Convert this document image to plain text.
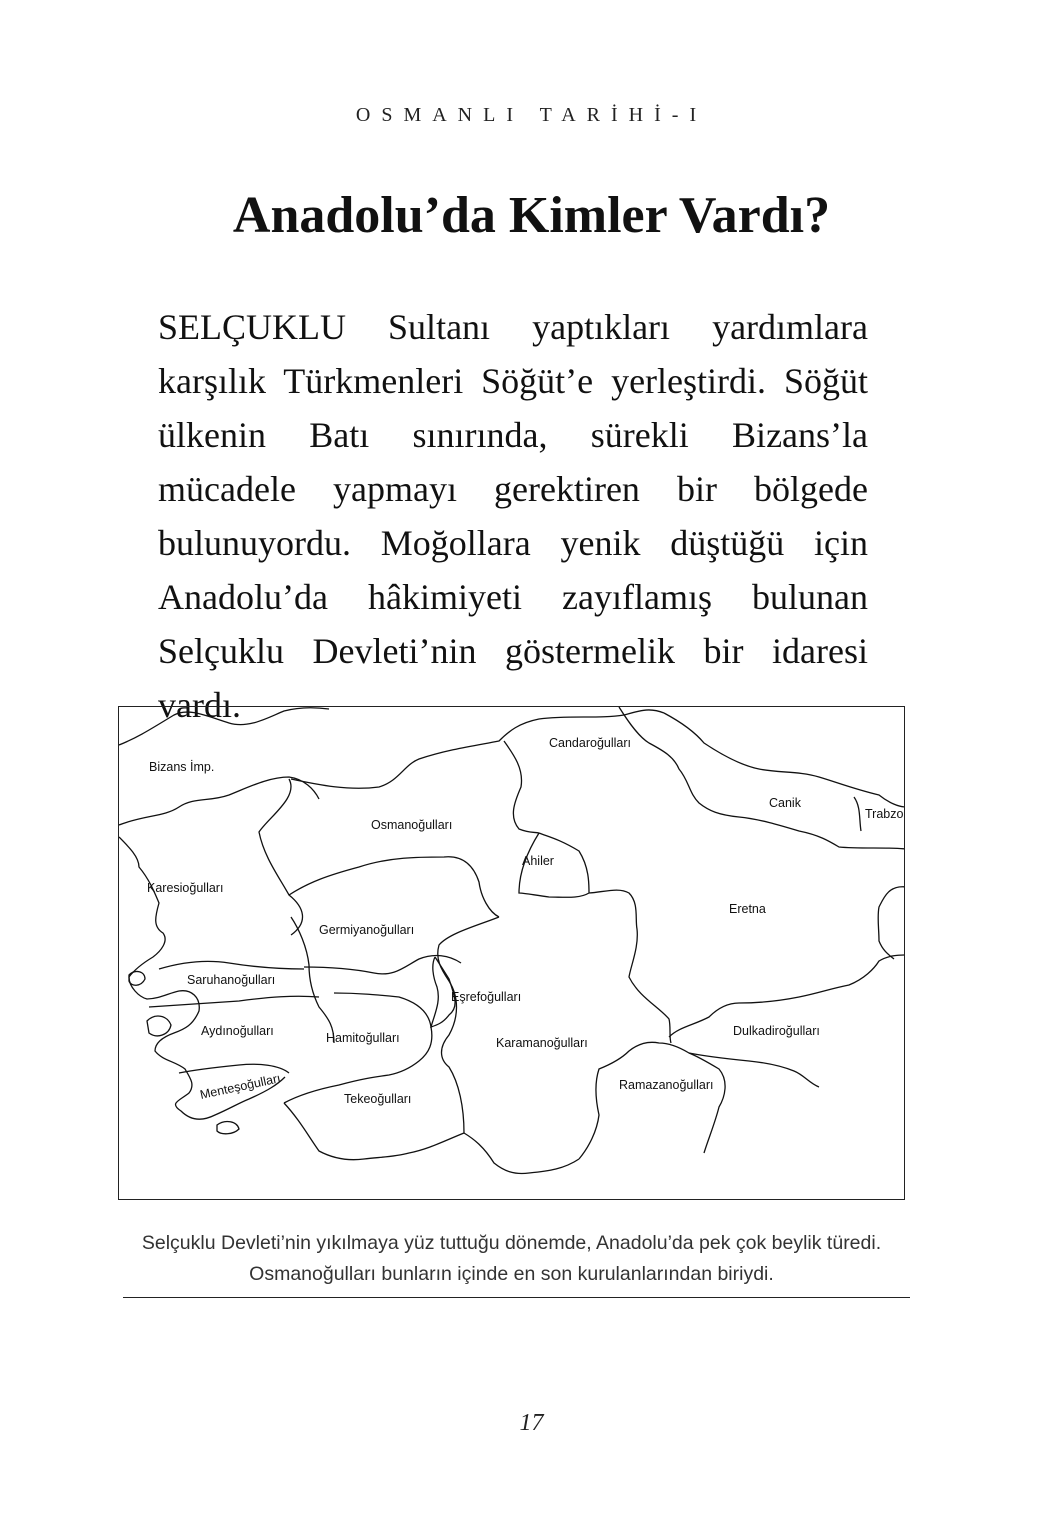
OSMANLI TARİHİ-I
Anadolu’da Kimler Vardı?

SELÇUKLU Sultanı yaptıkları yardımlara karşılık Türkmenleri Söğüt’e yerleştirdi. Söğüt ülkenin Batı sınırında, sürekli Bizans’la mücadele yapmayı gerektiren bir bölgede bulunuyordu. Moğollara yenik düştüğü için Anadolu’da hâkimiyeti zayıflamış bulunan Selçuklu Devleti’nin göstermelik bir idaresi vardı.

Bizans İmp.
Candaroğulları
Canik
Trabzo
Osmanoğulları
Ahiler
Karesioğulları
Eretna
Germiyanoğulları
Saruhanoğulları
Eşrefoğulları
Aydınoğulları	Hamitoğulları	Karamanoğulları
Dulkadiroğulları
Menteşoğulları	Ramazanoğulları
Tekeoğulları

Selçuklu Devleti’nin yıkılmaya yüz tuttuğu dönemde, Anadolu’da pek çok beylik türedi. Osmanoğulları bunların içinde en son kurulanlarından biriydi.

17
